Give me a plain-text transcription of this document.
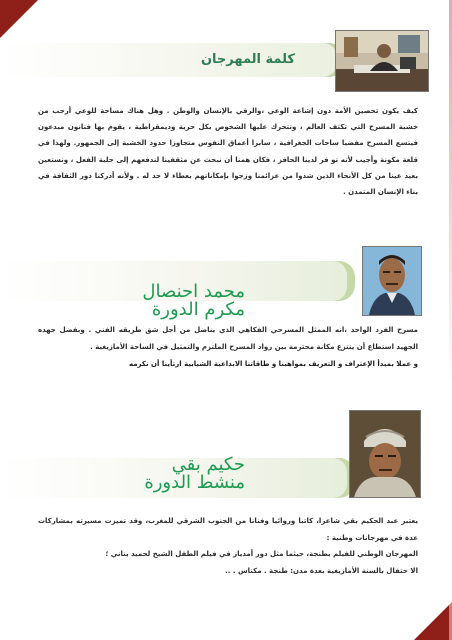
كلمة المهرجان
كيف يكون تحصين الأمة دون إشاعة الوعي ،والرقي بالإنسان والوطن . وهل هناك مساحة للوعي أرحب من خشبة المسرح التي تكثف العالم ، وتتحرك عليها الشخوص بكل حرية وديمقراطية ، يقوم بها فنانون مبدعون فيتسع المسرح مفضيا ساحات الجغرافية ، سابرا أعماق النفوس متجاوزا حدود الخشبة إلى الجمهور. ولهذا في قلعة مكونة وأجيب لأنه تو فر لدينا الحافز ، فكان همنا أن نبحث عن مثقفينا لندفعهم إلى حلبة الفعل ، ونستعين بعيد عينا من كل الأنحاء الذين شدوا من عزائمنا وزجوا بإمكاناتهم بعطاء لا حد له . ولأنه أدركنا دور الثقافة في بناء الإنسان المتمدن .
محمد احنصال
مكرم الدورة

مسرح الفرد الواحد ،انه الممثل المسرحي الفكاهي الذي يناضل من أجل شق طريقه الفني . وبفضل جهده الجهيد استطاع أن ينتزع مكانة محترمة بين رواد المسرح الملتزم والتمثيل في الساحة الأمازيغية .

و عملا بمبدأ الإعتراف و التعريف بمواهبنا و طاقاتنا الابداعية الشبابية ارتأينا أن نكرمه

حكيم بقي
منشط الدورة

يعتبر عبد الحكيم بقي شاعرا، كاتبا وروائيا وفنانا من الجنوب الشرقي للمغرب، وقد تميزت مسيرته بمشاركات عدة في مهرجانات وطنية :

المهرجان الوطني للفيلم بطنجة، حيثما مثل دور أمدياز في فيلم الطفل الشيخ لحميد بناني ؛

الا حتفال بالسنة الأمازيغية بعدة مدن: طنجة . مكناس . ..
